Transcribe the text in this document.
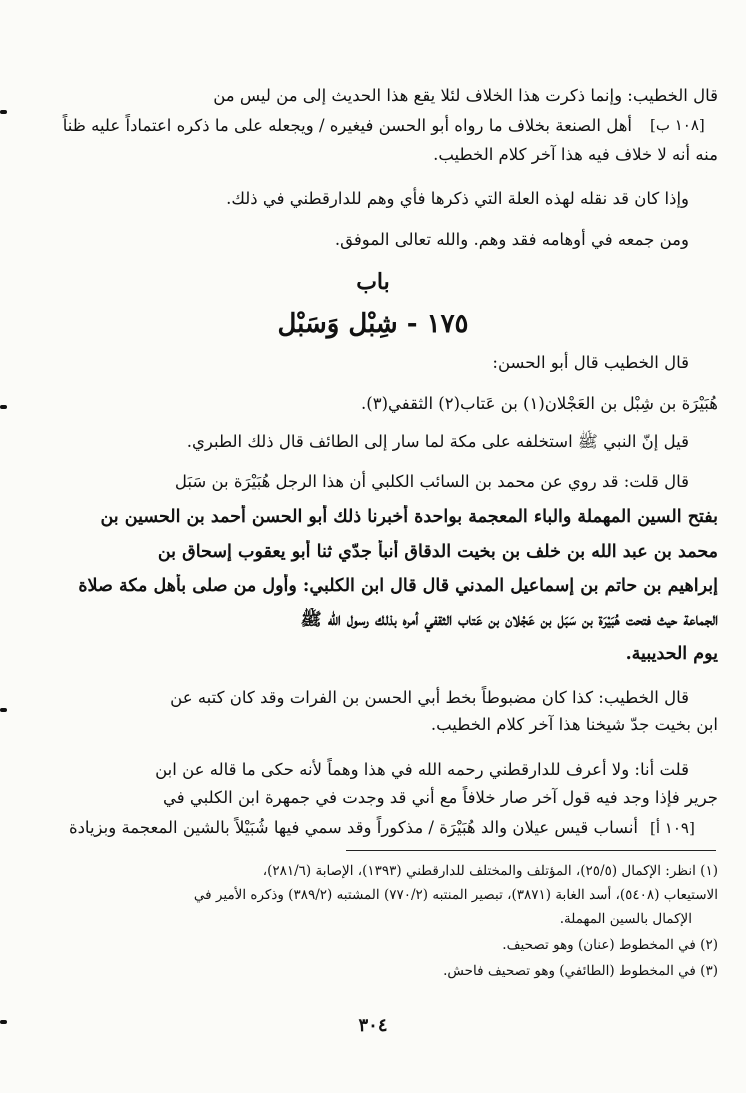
قال الخطيب: وإنما ذكرت هذا الخلاف لئلا يقع هذا الحديث إلى من ليس من
أهل الصنعة بخلاف ما رواه أبو الحسن فيغيره / ويجعله على ما ذكره اعتماداً عليه ظناً
منه أنه لا خلاف فيه هذا آخر كلام الخطيب.
وإذا كان قد نقله لهذه العلة التي ذكرها فأي وهم للدارقطني في ذلك.
ومن جمعه في أوهامه فقد وهم. والله تعالى الموفق.
[١٠٨ ب]
باب
١٧٥ - شِبْل وَسَبْل
قال الخطيب قال أبو الحسن:
هُبَيْرَة بن شِبْل بن العَجْلان(١) بن عَتاب(٢) الثقفي(٣).
قيل إنّ النبي ﷺ استخلفه على مكة لما سار إلى الطائف قال ذلك الطبري.
قال قلت: قد روي عن محمد بن السائب الكلبي أن هذا الرجل هُبَيْرَة بن سَبَل
بفتح السين المهملة والباء المعجمة بواحدة أخبرنا ذلك أبو الحسن أحمد بن الحسين بن
محمد بن عبد الله بن خلف بن بخيت الدقاق أنبأ جدّي ثنا أبو يعقوب إسحاق بن
إبراهيم بن حاتم بن إسماعيل المدني قال قال ابن الكلبي: وأول من صلى بأهل مكة صلاة
الجماعة حيث فتحت هُبَيْرَة بن سَبَل بن عَجْلان بن عَتاب الثقفي أمره بذلك رسول الله ﷺ
يوم الحديبية.
قال الخطيب: كذا كان مضبوطاً بخط أبي الحسن بن الفرات وقد كان كتبه عن
ابن بخيت جدّ شيخنا هذا آخر كلام الخطيب.
قلت أنا: ولا أعرف للدارقطني رحمه الله في هذا وهماً لأنه حكى ما قاله عن ابن
جرير فإذا وجد فيه قول آخر صار خلافاً مع أني قد وجدت في جمهرة ابن الكلبي في
أنساب قيس عيلان والد هُبَيْرَة / مذكوراً وقد سمي فيها شُبَيْلاً بالشين المعجمة وبزيادة [١٠٩ أ]
(١) انظر: الإكمال (٢٥/٥)، المؤتلف والمختلف للدارقطني (١٣٩٣)، الإصابة (٢٨١/٦)،
الاستيعاب (٥٤٠٨)، أسد الغابة (٣٨٧١)، تبصير المنتبه (٧٧٠/٢) المشتبه (٣٨٩/٢) وذكره الأمير في
الإكمال بالسين المهملة.
(٢) في المخطوط (عنان) وهو تصحيف.
(٣) في المخطوط (الطائفي) وهو تصحيف فاحش.
٣٠٤
